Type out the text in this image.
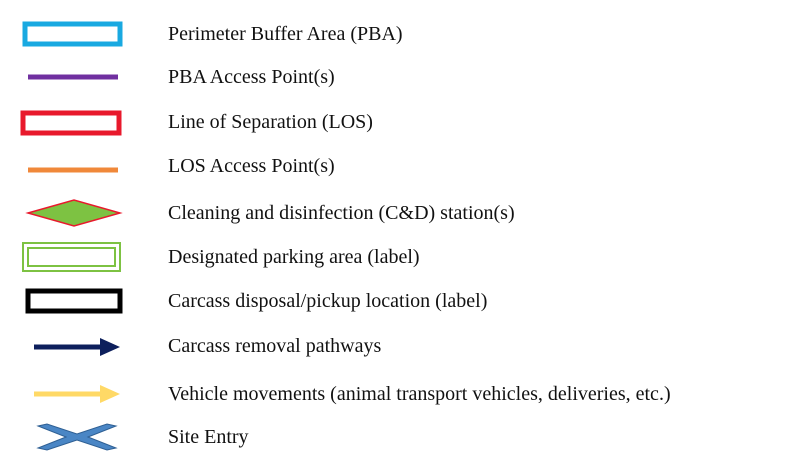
Perimeter Buffer Area (PBA)
PBA Access Point(s)
Line of Separation (LOS)
LOS Access Point(s)
Cleaning and disinfection (C&D) station(s)
Designated parking area (label)
Carcass disposal/pickup location (label)
Carcass removal pathways
Vehicle movements (animal transport vehicles, deliveries, etc.)
Site Entry
